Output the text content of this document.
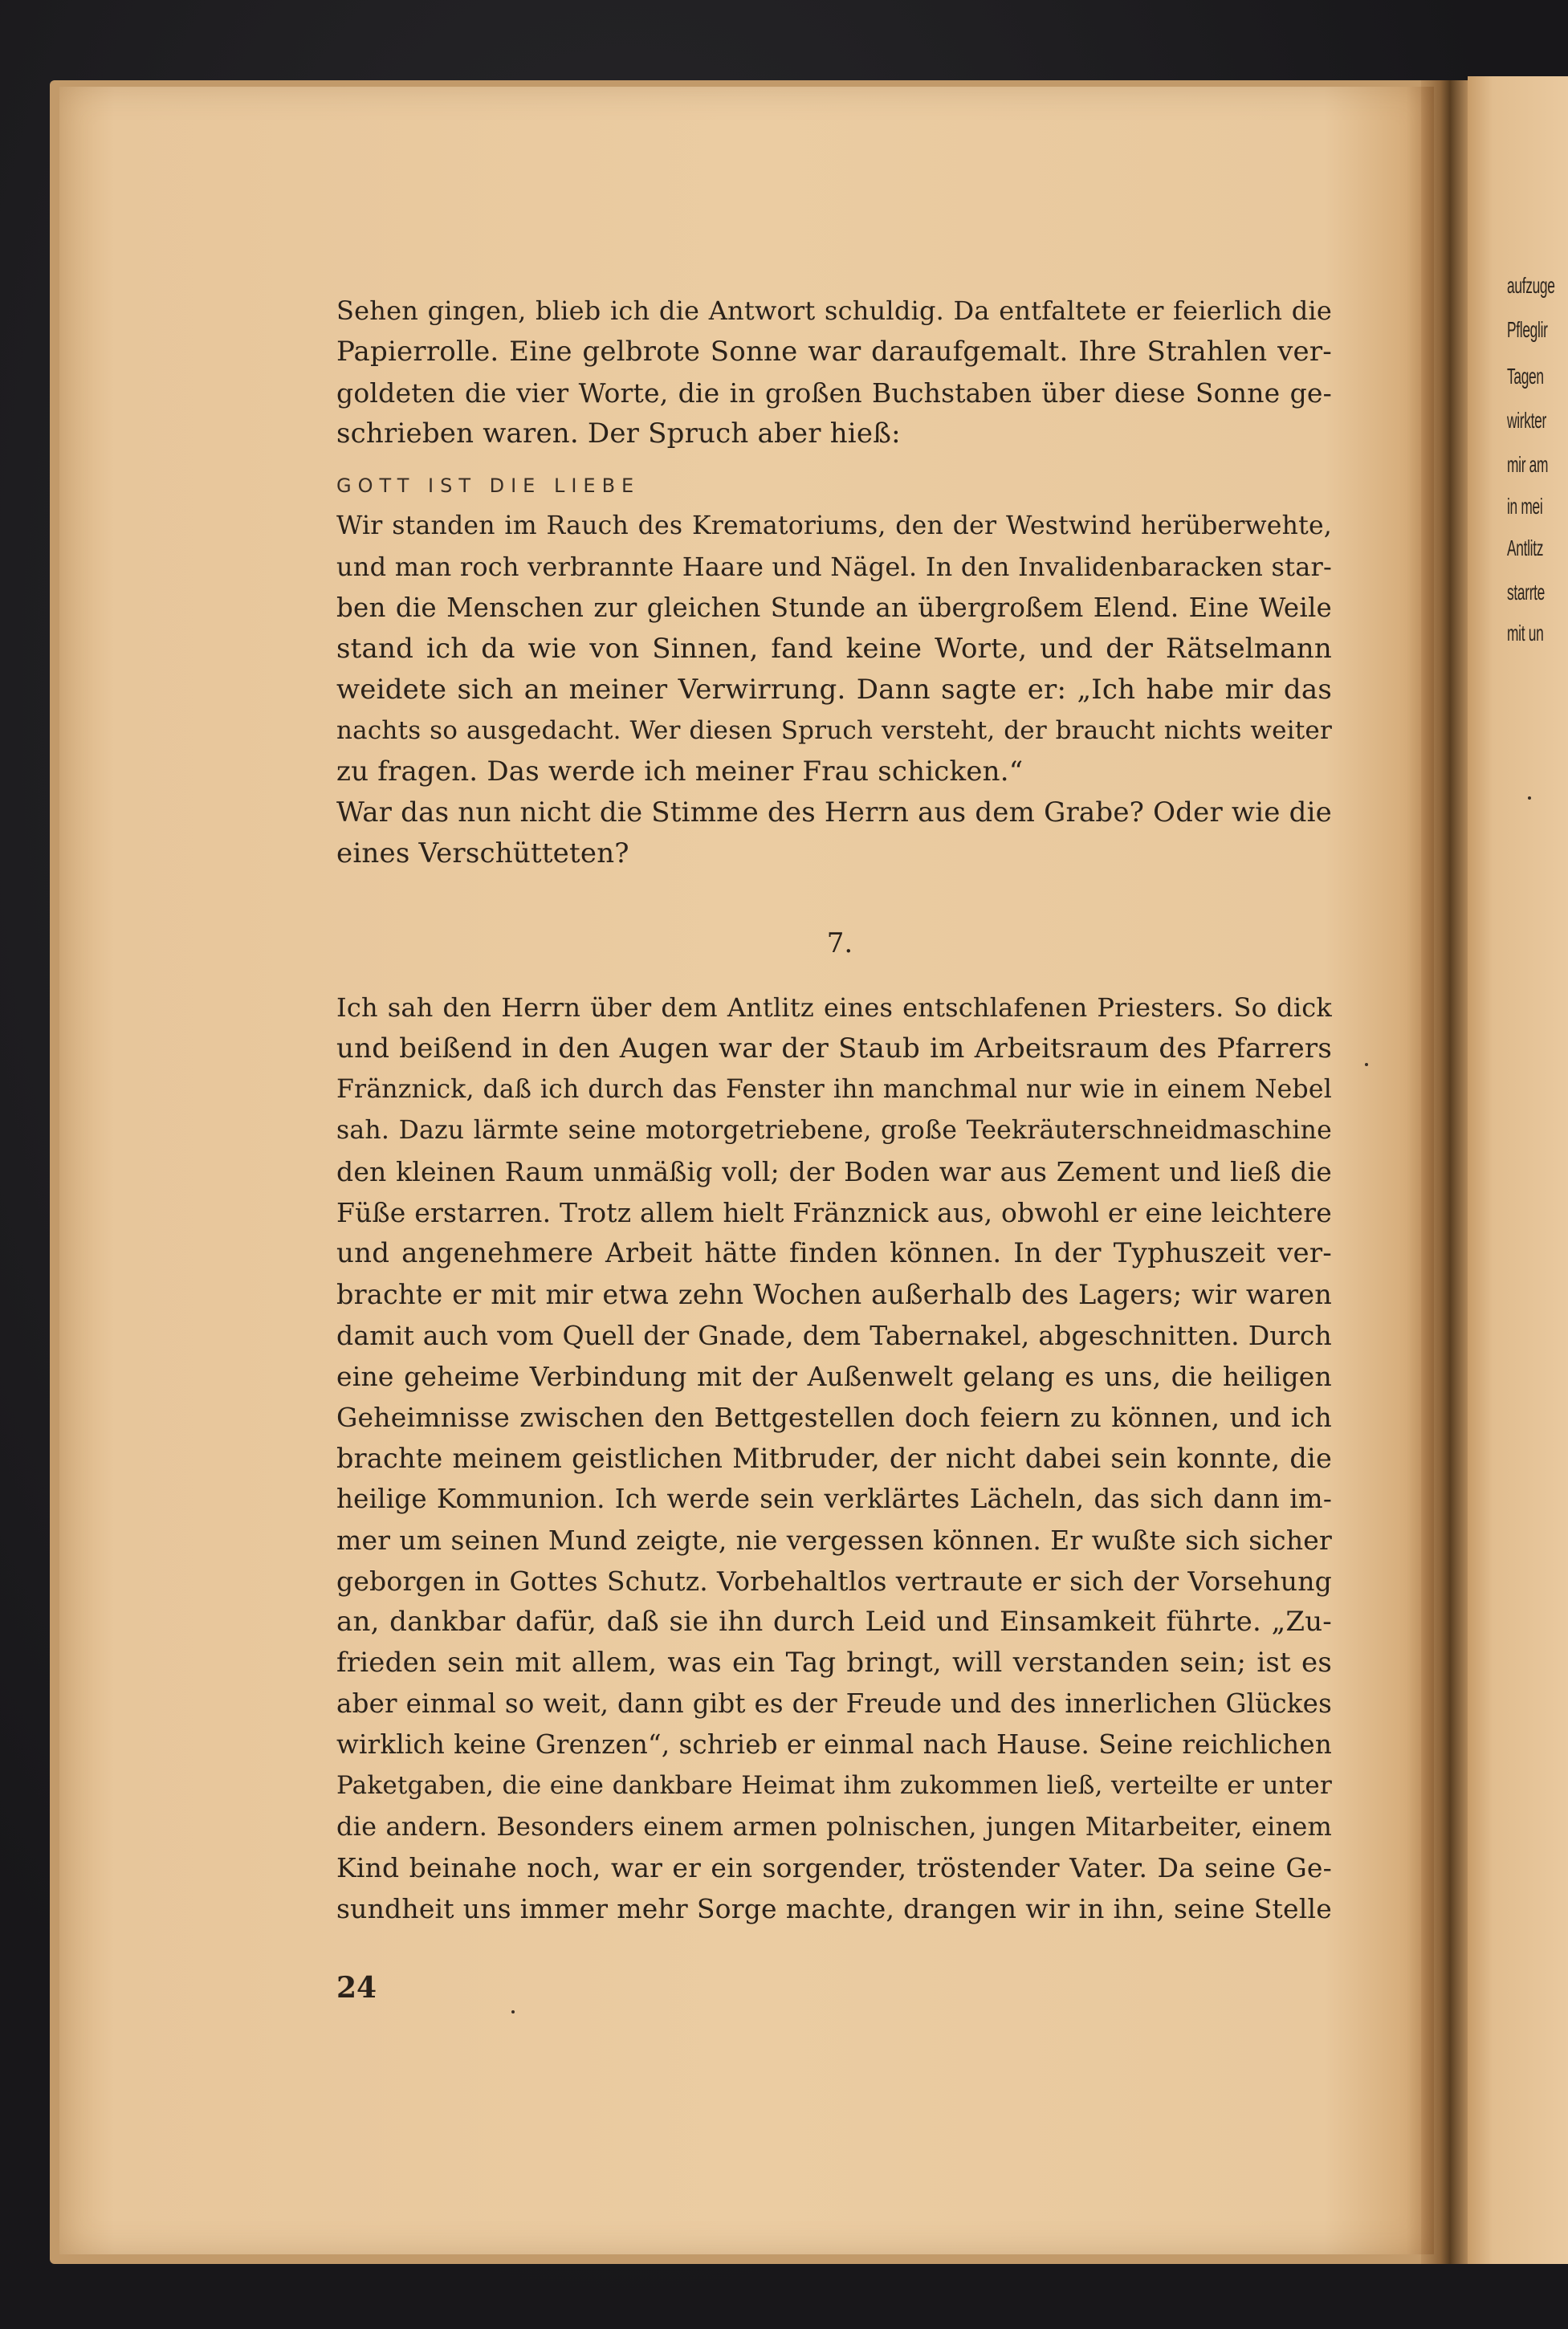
aufzuge
Pfleglir
Tagen
wirkter
mir am
in mei
Antlitz
starrte
mit un
Sehen gingen, blieb ich die Antwort schuldig. Da entfaltete er feierlich die
Papierrolle. Eine gelbrote Sonne war daraufgemalt. Ihre Strahlen ver-
goldeten die vier Worte, die in großen Buchstaben über diese Sonne ge-
schrieben waren. Der Spruch aber hieß:
GOTT IST DIE LIEBE
Wir standen im Rauch des Krematoriums, den der Westwind herüberwehte,
und man roch verbrannte Haare und Nägel. In den Invalidenbaracken star-
ben die Menschen zur gleichen Stunde an übergroßem Elend. Eine Weile
stand ich da wie von Sinnen, fand keine Worte, und der Rätselmann
weidete sich an meiner Verwirrung. Dann sagte er: „Ich habe mir das
nachts so ausgedacht. Wer diesen Spruch versteht, der braucht nichts weiter
zu fragen. Das werde ich meiner Frau schicken.“
War das nun nicht die Stimme des Herrn aus dem Grabe? Oder wie die
eines Verschütteten?
7.
Ich sah den Herrn über dem Antlitz eines entschlafenen Priesters. So dick
und beißend in den Augen war der Staub im Arbeitsraum des Pfarrers
Fränznick, daß ich durch das Fenster ihn manchmal nur wie in einem Nebel
sah. Dazu lärmte seine motorgetriebene, große Teekräuterschneidmaschine
den kleinen Raum unmäßig voll; der Boden war aus Zement und ließ die
Füße erstarren. Trotz allem hielt Fränznick aus, obwohl er eine leichtere
und angenehmere Arbeit hätte finden können. In der Typhuszeit ver-
brachte er mit mir etwa zehn Wochen außerhalb des Lagers; wir waren
damit auch vom Quell der Gnade, dem Tabernakel, abgeschnitten. Durch
eine geheime Verbindung mit der Außenwelt gelang es uns, die heiligen
Geheimnisse zwischen den Bettgestellen doch feiern zu können, und ich
brachte meinem geistlichen Mitbruder, der nicht dabei sein konnte, die
heilige Kommunion. Ich werde sein verklärtes Lächeln, das sich dann im-
mer um seinen Mund zeigte, nie vergessen können. Er wußte sich sicher
geborgen in Gottes Schutz. Vorbehaltlos vertraute er sich der Vorsehung
an, dankbar dafür, daß sie ihn durch Leid und Einsamkeit führte. „Zu-
frieden sein mit allem, was ein Tag bringt, will verstanden sein; ist es
aber einmal so weit, dann gibt es der Freude und des innerlichen Glückes
wirklich keine Grenzen“, schrieb er einmal nach Hause. Seine reichlichen
Paketgaben, die eine dankbare Heimat ihm zukommen ließ, verteilte er unter
die andern. Besonders einem armen polnischen, jungen Mitarbeiter, einem
Kind beinahe noch, war er ein sorgender, tröstender Vater. Da seine Ge-
sundheit uns immer mehr Sorge machte, drangen wir in ihn, seine Stelle
24
